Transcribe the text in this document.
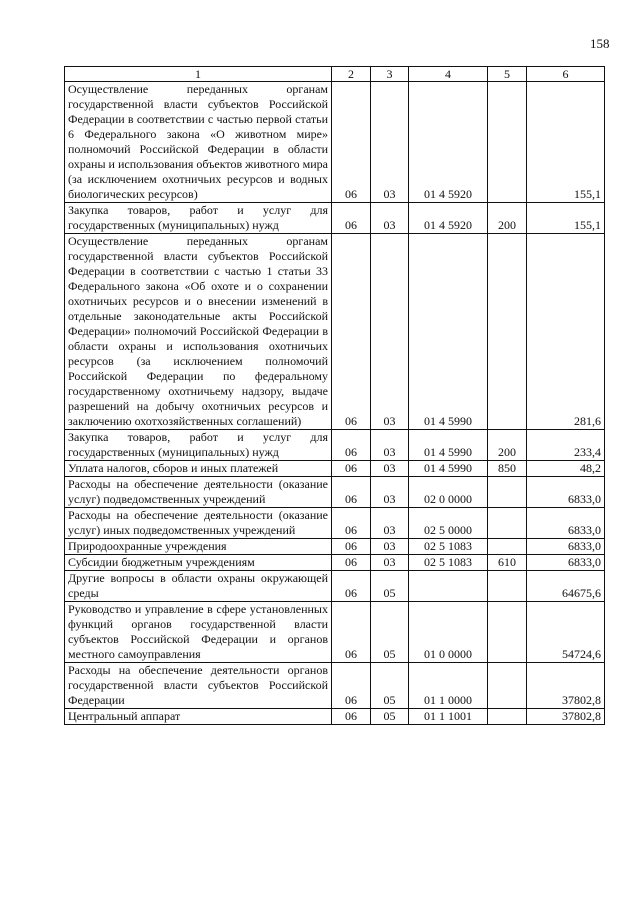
158
1	2	3	4	5	6
Осуществление переданных органам государственной власти субъектов Российской Федерации в соответствии с частью первой статьи 6 Федерального закона «О животном мире» полномочий Российской Федерации в области охраны и использования объектов животного мира (за исключением охотничьих ресурсов и водных биологических ресурсов)	06	03	01 4 5920		155,1
Закупка товаров, работ и услуг для государственных (муниципальных) нужд	06	03	01 4 5920	200	155,1
Осуществление переданных органам государственной власти субъектов Российской Федерации в соответствии с частью 1 статьи 33 Федерального закона «Об охоте и о сохранении охотничьих ресурсов и о внесении изменений в отдельные законодательные акты Российской Федерации» полномочий Российской Федерации в области охраны и использования охотничьих ресурсов (за исключением полномочий Российской Федерации по федеральному государственному охотничьему надзору, выдаче разрешений на добычу охотничьих ресурсов и заключению охотхозяйственных соглашений)	06	03	01 4 5990		281,6
Закупка товаров, работ и услуг для государственных (муниципальных) нужд	06	03	01 4 5990	200	233,4
Уплата налогов, сборов и иных платежей	06	03	01 4 5990	850	48,2
Расходы на обеспечение деятельности (оказание услуг) подведомственных учреждений	06	03	02 0 0000		6833,0
Расходы на обеспечение деятельности (оказание услуг) иных подведомственных учреждений	06	03	02 5 0000		6833,0
Природоохранные учреждения	06	03	02 5 1083		6833,0
Субсидии бюджетным учреждениям	06	03	02 5 1083	610	6833,0
Другие вопросы в области охраны окружающей среды	06	05			64675,6
Руководство и управление в сфере установленных функций органов государственной власти субъектов Российской Федерации и органов местного самоуправления	06	05	01 0 0000		54724,6
Расходы на обеспечение деятельности органов государственной власти субъектов Российской Федерации	06	05	01 1 0000		37802,8
Центральный аппарат	06	05	01 1 1001		37802,8
